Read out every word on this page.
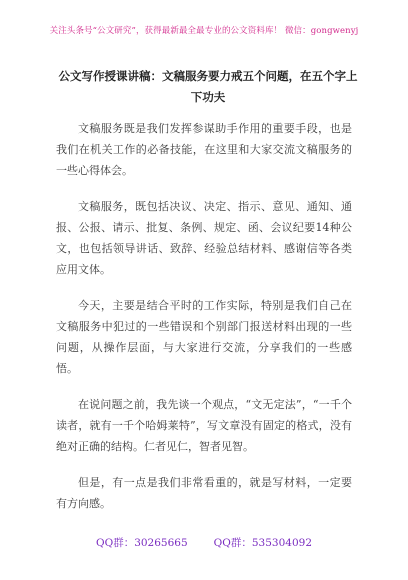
关注头条号“公文研究”，获得最新最全最专业的公文资料库！ 微信：gongwenyj
公文写作授课讲稿：文稿服务要力戒五个问题，在五个字上下功夫

文稿服务既是我们发挥参谋助手作用的重要手段，也是我们在机关工作的必备技能，在这里和大家交流文稿服务的一些心得体会。

文稿服务，既包括决议、决定、指示、意见、通知、通报、公报、请示、批复、条例、规定、函、会议纪要14种公文，也包括领导讲话、致辞、经验总结材料、感谢信等各类应用文体。

今天，主要是结合平时的工作实际，特别是我们自己在文稿服务中犯过的一些错误和个别部门报送材料出现的一些问题，从操作层面，与大家进行交流，分享我们的一些感悟。

在说问题之前，我先谈一个观点，“文无定法”，“一千个读者，就有一千个哈姆莱特”，写文章没有固定的格式，没有绝对正确的结构。仁者见仁，智者见智。

但是，有一点是我们非常看重的，就是写材料，一定要有方向感。

QQ群：30265665 QQ群：535304092
